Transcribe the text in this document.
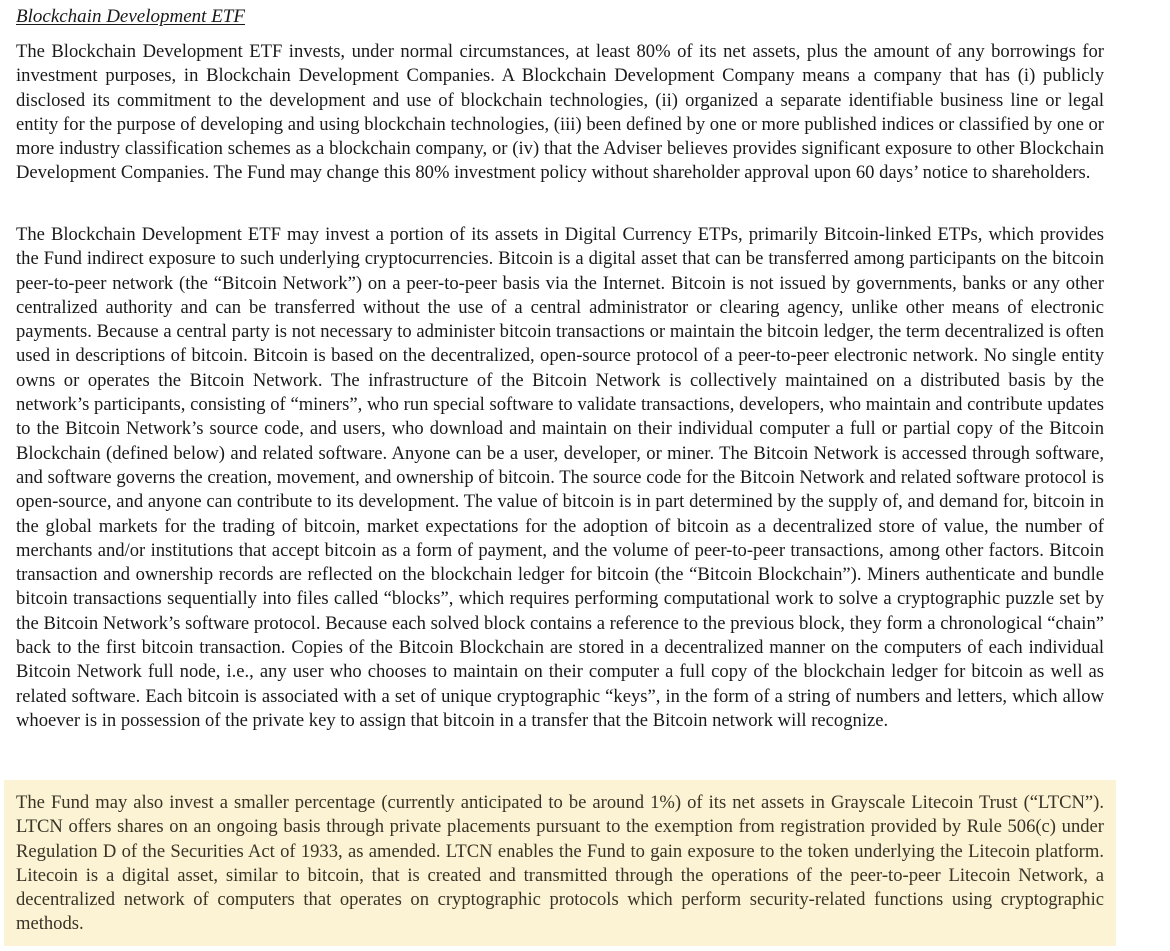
Blockchain Development ETF

The Blockchain Development ETF invests, under normal circumstances, at least 80% of its net assets, plus the amount of any borrowings for investment purposes, in Blockchain Development Companies. A Blockchain Development Company means a company that has (i) publicly disclosed its commitment to the development and use of blockchain technologies, (ii) organized a separate identifiable business line or legal entity for the purpose of developing and using blockchain technologies, (iii) been defined by one or more published indices or classified by one or more industry classification schemes as a blockchain company, or (iv) that the Adviser believes provides significant exposure to other Blockchain Development Companies. The Fund may change this 80% investment policy without shareholder approval upon 60 days’ notice to shareholders.

The Blockchain Development ETF may invest a portion of its assets in Digital Currency ETPs, primarily Bitcoin-linked ETPs, which provides the Fund indirect exposure to such underlying cryptocurrencies. Bitcoin is a digital asset that can be transferred among participants on the bitcoin peer-to-peer network (the “Bitcoin Network”) on a peer-to-peer basis via the Internet. Bitcoin is not issued by governments, banks or any other centralized authority and can be transferred without the use of a central administrator or clearing agency, unlike other means of electronic payments. Because a central party is not necessary to administer bitcoin transactions or maintain the bitcoin ledger, the term decentralized is often used in descriptions of bitcoin. Bitcoin is based on the decentralized, open-source protocol of a peer-to-peer electronic network. No single entity owns or operates the Bitcoin Network. The infrastructure of the Bitcoin Network is collectively maintained on a distributed basis by the network’s participants, consisting of “miners”, who run special software to validate transactions, developers, who maintain and contribute updates to the Bitcoin Network’s source code, and users, who download and maintain on their individual computer a full or partial copy of the Bitcoin Blockchain (defined below) and related software. Anyone can be a user, developer, or miner. The Bitcoin Network is accessed through software, and software governs the creation, movement, and ownership of bitcoin. The source code for the Bitcoin Network and related software protocol is open-source, and anyone can contribute to its development. The value of bitcoin is in part determined by the supply of, and demand for, bitcoin in the global markets for the trading of bitcoin, market expectations for the adoption of bitcoin as a decentralized store of value, the number of merchants and/or institutions that accept bitcoin as a form of payment, and the volume of peer-to-peer transactions, among other factors. Bitcoin transaction and ownership records are reflected on the blockchain ledger for bitcoin (the “Bitcoin Blockchain”). Miners authenticate and bundle bitcoin transactions sequentially into files called “blocks”, which requires performing computational work to solve a cryptographic puzzle set by the Bitcoin Network’s software protocol. Because each solved block contains a reference to the previous block, they form a chronological “chain” back to the first bitcoin transaction. Copies of the Bitcoin Blockchain are stored in a decentralized manner on the computers of each individual Bitcoin Network full node, i.e., any user who chooses to maintain on their computer a full copy of the blockchain ledger for bitcoin as well as related software. Each bitcoin is associated with a set of unique cryptographic “keys”, in the form of a string of numbers and letters, which allow whoever is in possession of the private key to assign that bitcoin in a transfer that the Bitcoin network will recognize.

The Fund may also invest a smaller percentage (currently anticipated to be around 1%) of its net assets in Grayscale Litecoin Trust (“LTCN”). LTCN offers shares on an ongoing basis through private placements pursuant to the exemption from registration provided by Rule 506(c) under Regulation D of the Securities Act of 1933, as amended. LTCN enables the Fund to gain exposure to the token underlying the Litecoin platform. Litecoin is a digital asset, similar to bitcoin, that is created and transmitted through the operations of the peer-to-peer Litecoin Network, a decentralized network of computers that operates on cryptographic protocols which perform security-related functions using cryptographic methods.
